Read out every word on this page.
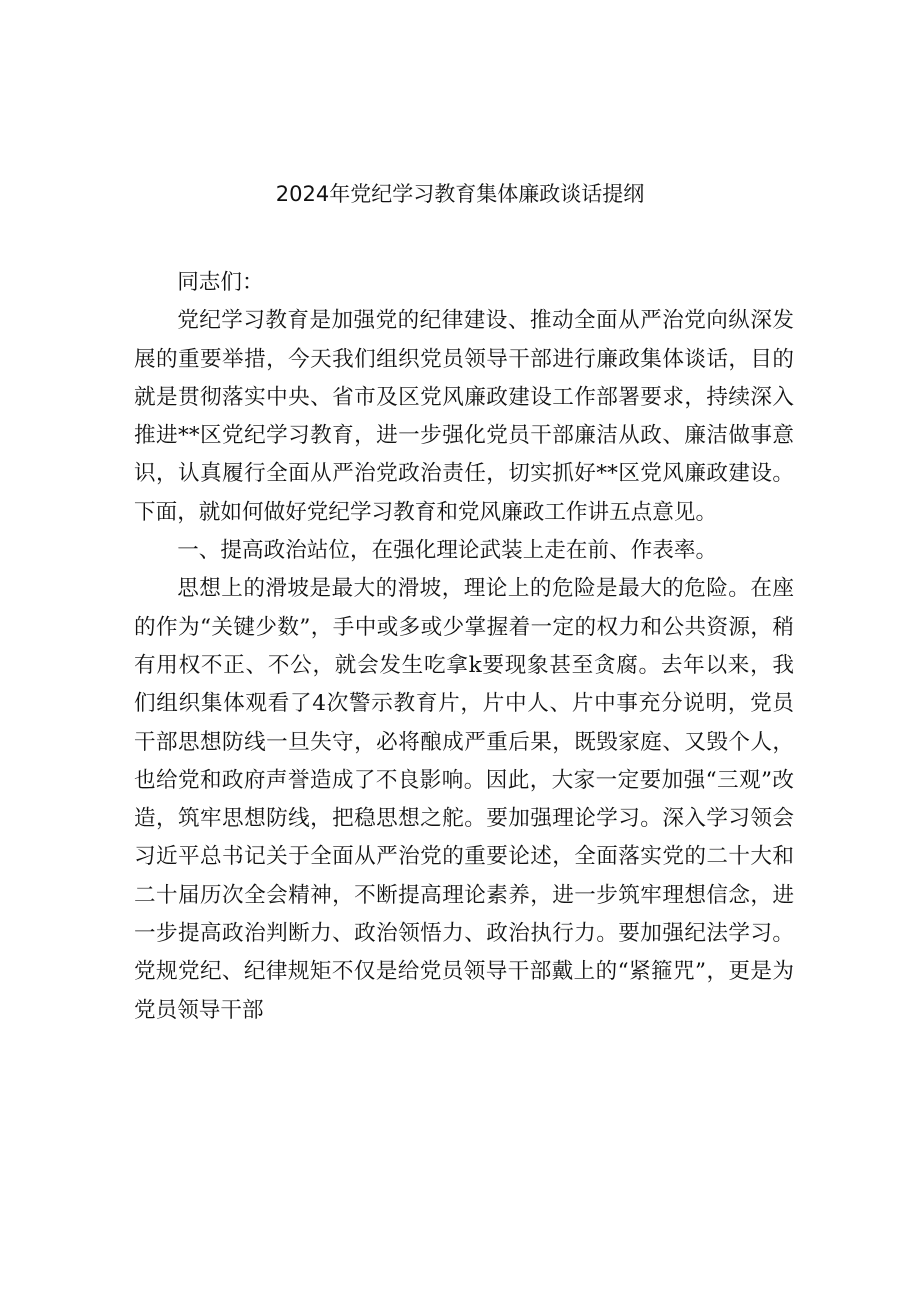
2024年党纪学习教育集体廉政谈话提纲

同志们：

党纪学习教育是加强党的纪律建设、推动全面从严治党向纵深发展的重要举措，今天我们组织党员领导干部进行廉政集体谈话，目的就是贯彻落实中央、省市及区党风廉政建设工作部署要求，持续深入推进**区党纪学习教育，进一步强化党员干部廉洁从政、廉洁做事意识，认真履行全面从严治党政治责任，切实抓好**区党风廉政建设。下面，就如何做好党纪学习教育和党风廉政工作讲五点意见。

一、提高政治站位，在强化理论武装上走在前、作表率。

思想上的滑坡是最大的滑坡，理论上的危险是最大的危险。在座的作为“关键少数”，手中或多或少掌握着一定的权力和公共资源，稍有用权不正、不公，就会发生吃拿k要现象甚至贪腐。去年以来，我们组织集体观看了4次警示教育片，片中人、片中事充分说明，党员干部思想防线一旦失守，必将酿成严重后果，既毁家庭、又毁个人，也给党和政府声誉造成了不良影响。因此，大家一定要加强“三观”改造，筑牢思想防线，把稳思想之舵。要加强理论学习。深入学习领会习近平总书记关于全面从严治党的重要论述，全面落实党的二十大和二十届历次全会精神，不断提高理论素养，进一步筑牢理想信念，进一步提高政治判断力、政治领悟力、政治执行力。要加强纪法学习。党规党纪、纪律规矩不仅是给党员领导干部戴上的“紧箍咒”，更是为党员领导干部
